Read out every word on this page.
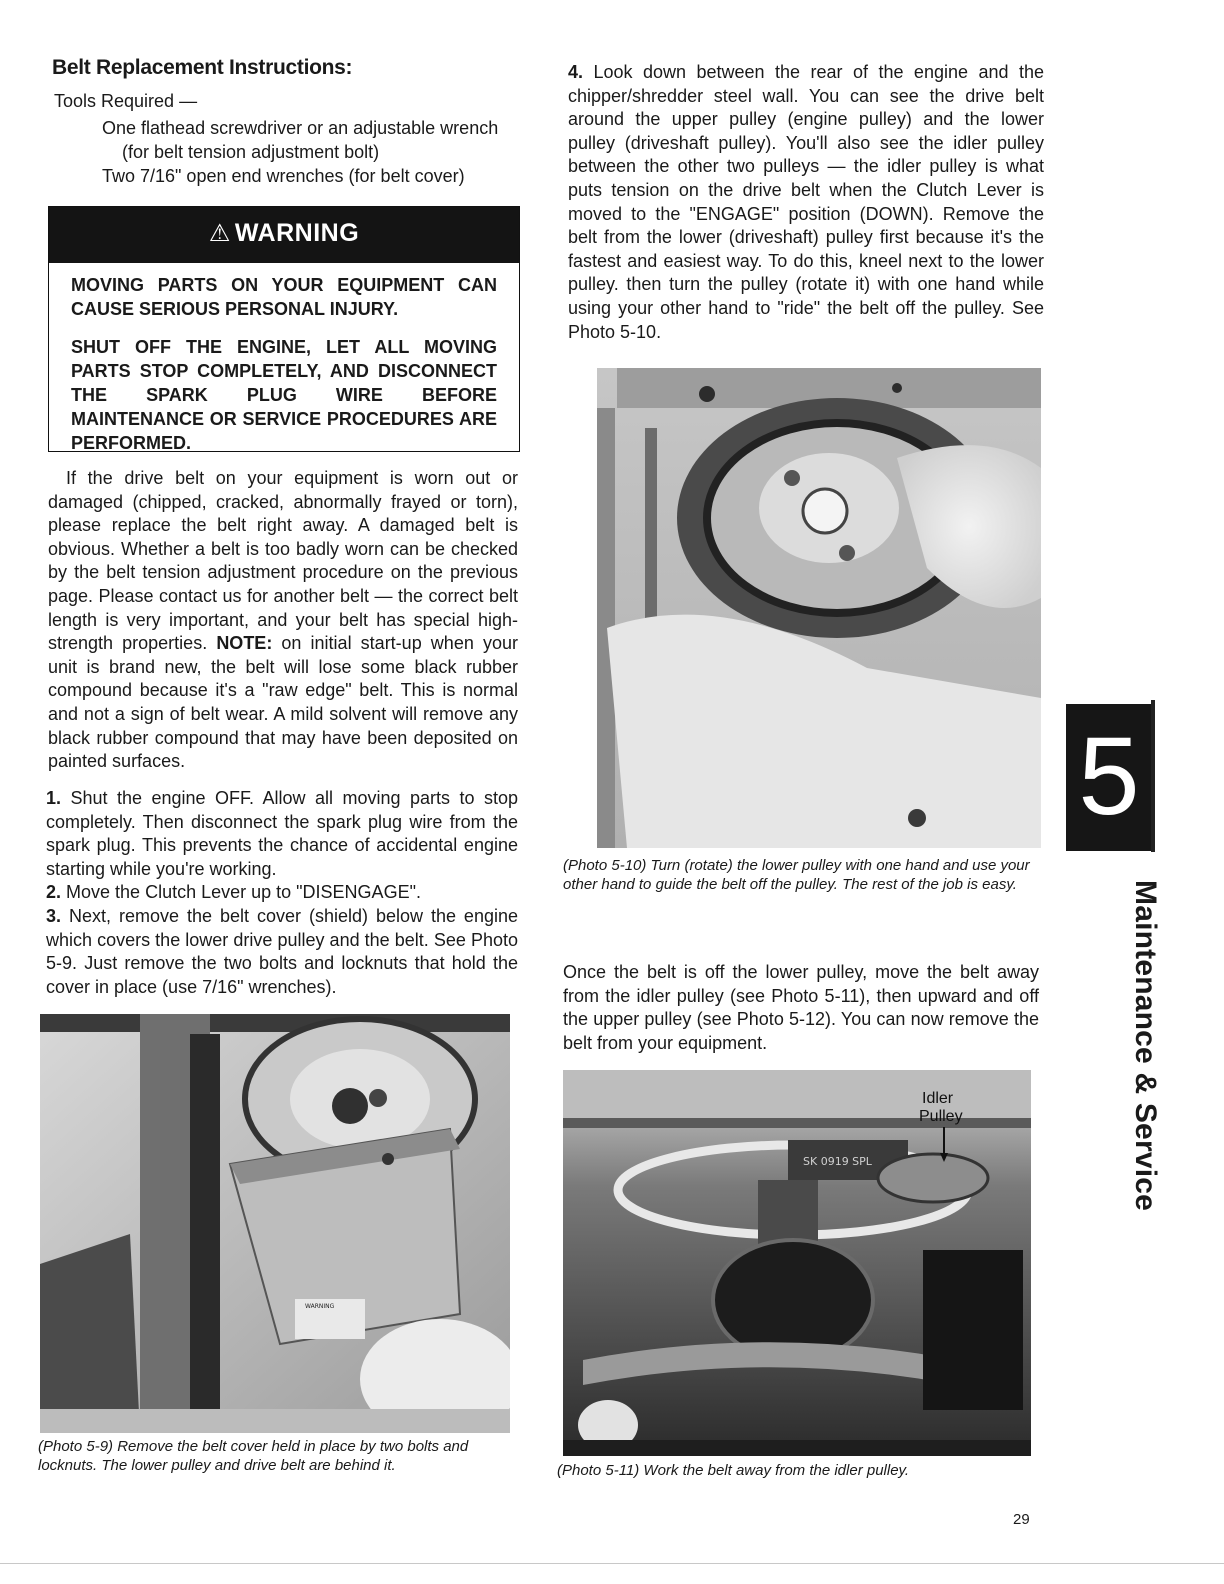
Belt Replacement Instructions:
Tools Required —
One flathead screwdriver or an adjustable wrench
(for belt tension adjustment bolt)
Two 7/16" open end wrenches (for belt cover)
⚠ WARNING
MOVING PARTS ON YOUR EQUIPMENT CAN CAUSE SERIOUS PERSONAL INJURY.
SHUT OFF THE ENGINE, LET ALL MOVING PARTS STOP COMPLETELY, AND DISCONNECT THE SPARK PLUG WIRE BEFORE MAINTENANCE OR SERVICE PROCEDURES ARE PERFORMED.
If the drive belt on your equipment is worn out or damaged (chipped, cracked, abnormally frayed or torn), please replace the belt right away. A damaged belt is obvious. Whether a belt is too badly worn can be checked by the belt tension adjustment procedure on the previous page. Please contact us for another belt — the correct belt length is very important, and your belt has special high-strength properties. NOTE: on initial start-up when your unit is brand new, the belt will lose some black rubber compound because it's a "raw edge" belt. This is normal and not a sign of belt wear. A mild solvent will remove any black rubber compound that may have been deposited on painted surfaces.

1. Shut the engine OFF. Allow all moving parts to stop completely. Then disconnect the spark plug wire from the spark plug. This prevents the chance of accidental engine starting while you're working.

2. Move the Clutch Lever up to "DISENGAGE".

3. Next, remove the belt cover (shield) below the engine which covers the lower drive pulley and the belt. See Photo 5-9. Just remove the two bolts and locknuts that hold the cover in place (use 7/16" wrenches).

WARNING
(Photo 5-9) Remove the belt cover held in place by two bolts and locknuts. The lower pulley and drive belt are behind it.
4. Look down between the rear of the engine and the chipper/shredder steel wall. You can see the drive belt around the upper pulley (engine pulley) and the lower pulley (driveshaft pulley). You'll also see the idler pulley between the other two pulleys — the idler pulley is what puts tension on the drive belt when the Clutch Lever is moved to the "ENGAGE" position (DOWN). Remove the belt from the lower (driveshaft) pulley first because it's the fastest and easiest way. To do this, kneel next to the lower pulley. then turn the pulley (rotate it) with one hand while using your other hand to "ride" the belt off the pulley. See Photo 5-10.
(Photo 5-10) Turn (rotate) the lower pulley with one hand and use your other hand to guide the belt off the pulley. The rest of the job is easy.
Once the belt is off the lower pulley, move the belt away from the idler pulley (see Photo 5-11), then upward and off the upper pulley (see Photo 5-12). You can now remove the belt from your equipment.
SK 0919 SPL
Idler
Pulley
(Photo 5-11) Work the belt away from the idler pulley.
5
Maintenance & Service
29
